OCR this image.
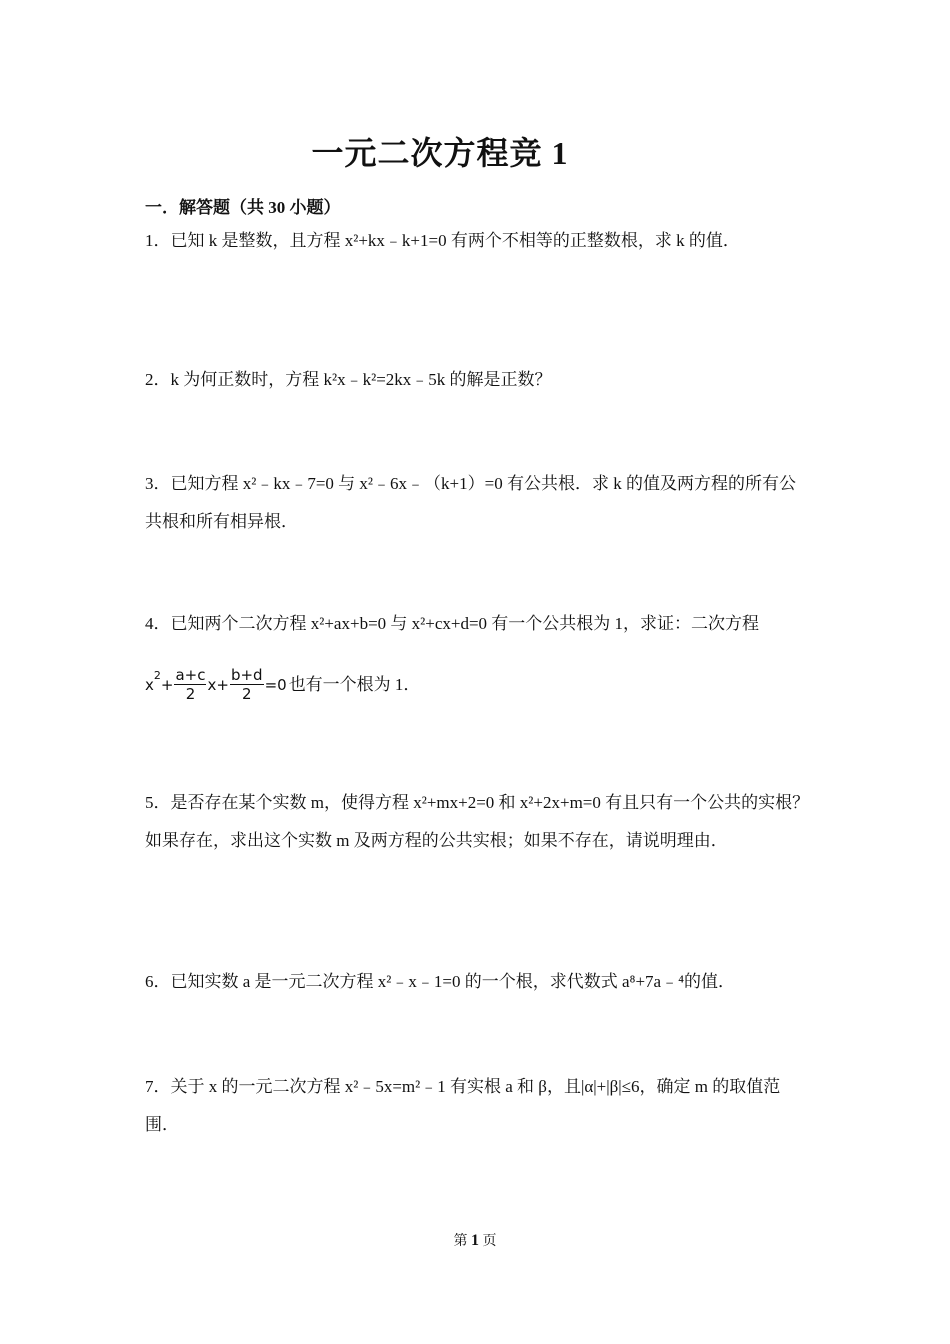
一元二次方程竞 1
一．解答题（共 30 小题）
1．已知 k 是整数，且方程 x²+kx﹣k+1=0 有两个不相等的正整数根，求 k 的值．
2．k 为何正数时，方程 k²x﹣k²=2kx﹣5k 的解是正数？
3．已知方程 x²﹣kx﹣7=0 与 x²﹣6x﹣（k+1）=0 有公共根．求 k 的值及两方程的所有公共根和所有相异根．
4．已知两个二次方程 x²+ax+b=0 与 x²+cx+d=0 有一个公共根为 1，求证：二次方程
x
2
+ $\frac{a+c}{2} x+ \frac{b+d}{2} =0$ 也有一个根为 1．
5．是否存在某个实数 m，使得方程 x²+mx+2=0 和 x²+2x+m=0 有且只有一个公共的实根？如果存在，求出这个实数 m 及两方程的公共实根；如果不存在，请说明理由．
6．已知实数 a 是一元二次方程 x²﹣x﹣1=0 的一个根，求代数式 a⁸+7a﹣⁴的值．
7．关于 x 的一元二次方程 x²﹣5x=m²﹣1 有实根 a 和 β，且|α|+|β|≤6，确定 m 的取值范围．
第 1 页
